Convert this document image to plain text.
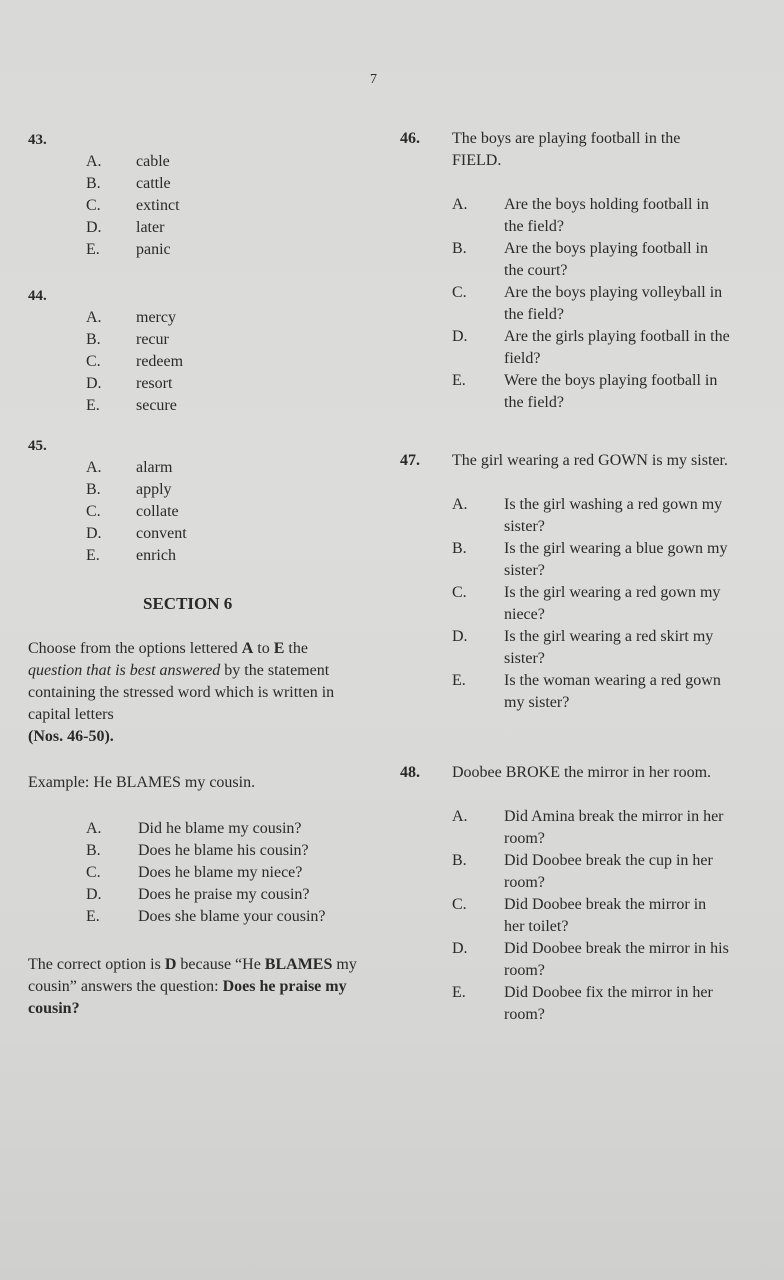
7
43.
A.	cable
B.	cattle
C.	extinct
D.	later
E.	panic
44.
A.	mercy
B.	recur
C.	redeem
D.	resort
E.	secure
45.
A.	alarm
B.	apply
C.	collate
D.	convent
E.	enrich
SECTION 6
Choose from the options lettered A to E the
question that is best answered by the statement containing the stressed word which is written in capital letters
(Nos. 46-50).
Example: He BLAMES my cousin.
A.	Did he blame my cousin?
B.	Does he blame his cousin?
C.	Does he blame my niece?
D.	Does he praise my cousin?
E.	Does she blame your cousin?
The correct option is D because “He BLAMES my cousin” answers the question: Does he praise my cousin?
46.	The boys are playing football in the FIELD.
A.	Are the boys holding football in the field?
B.	Are the boys playing football in the court?
C.	Are the boys playing volleyball in the field?
D.	Are the girls playing football in the field?
E.	Were the boys playing football in the field?
47.	The girl wearing a red GOWN is my sister.
A.	Is the girl washing a red gown my sister?
B.	Is the girl wearing a blue gown my sister?
C.	Is the girl wearing a red gown my niece?
D.	Is the girl wearing a red skirt my sister?
E.	Is the woman wearing a red gown my sister?
48.	Doobee BROKE the mirror in her room.
A.	Did Amina break the mirror in her room?
B.	Did Doobee break the cup in her room?
C.	Did Doobee break the mirror in her toilet?
D.	Did Doobee break the mirror in his room?
E.	Did Doobee fix the mirror in her room?
